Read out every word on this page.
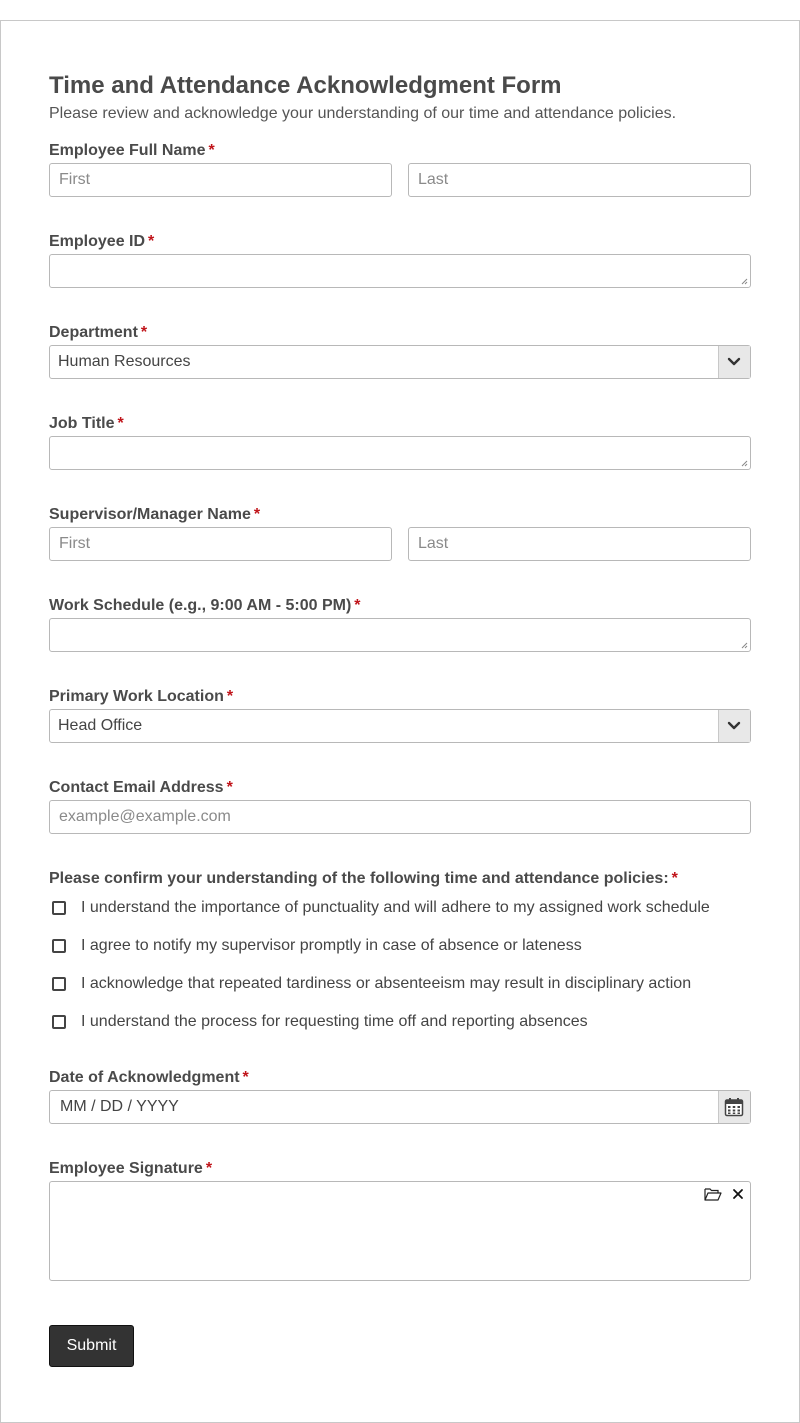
Time and Attendance Acknowledgment Form
Please review and acknowledge your understanding of our time and attendance policies.
Employee Full Name *
First
Last
Employee ID *
Department *
Human Resources
Job Title *
Supervisor/Manager Name *
First
Last
Work Schedule (e.g., 9:00 AM - 5:00 PM) *
Primary Work Location *
Head Office
Contact Email Address *
example@example.com
Please confirm your understanding of the following time and attendance policies: *
I understand the importance of punctuality and will adhere to my assigned work schedule
I agree to notify my supervisor promptly in case of absence or lateness
I acknowledge that repeated tardiness or absenteeism may result in disciplinary action
I understand the process for requesting time off and reporting absences
Date of Acknowledgment *
MM / DD / YYYY
Employee Signature *
Submit
